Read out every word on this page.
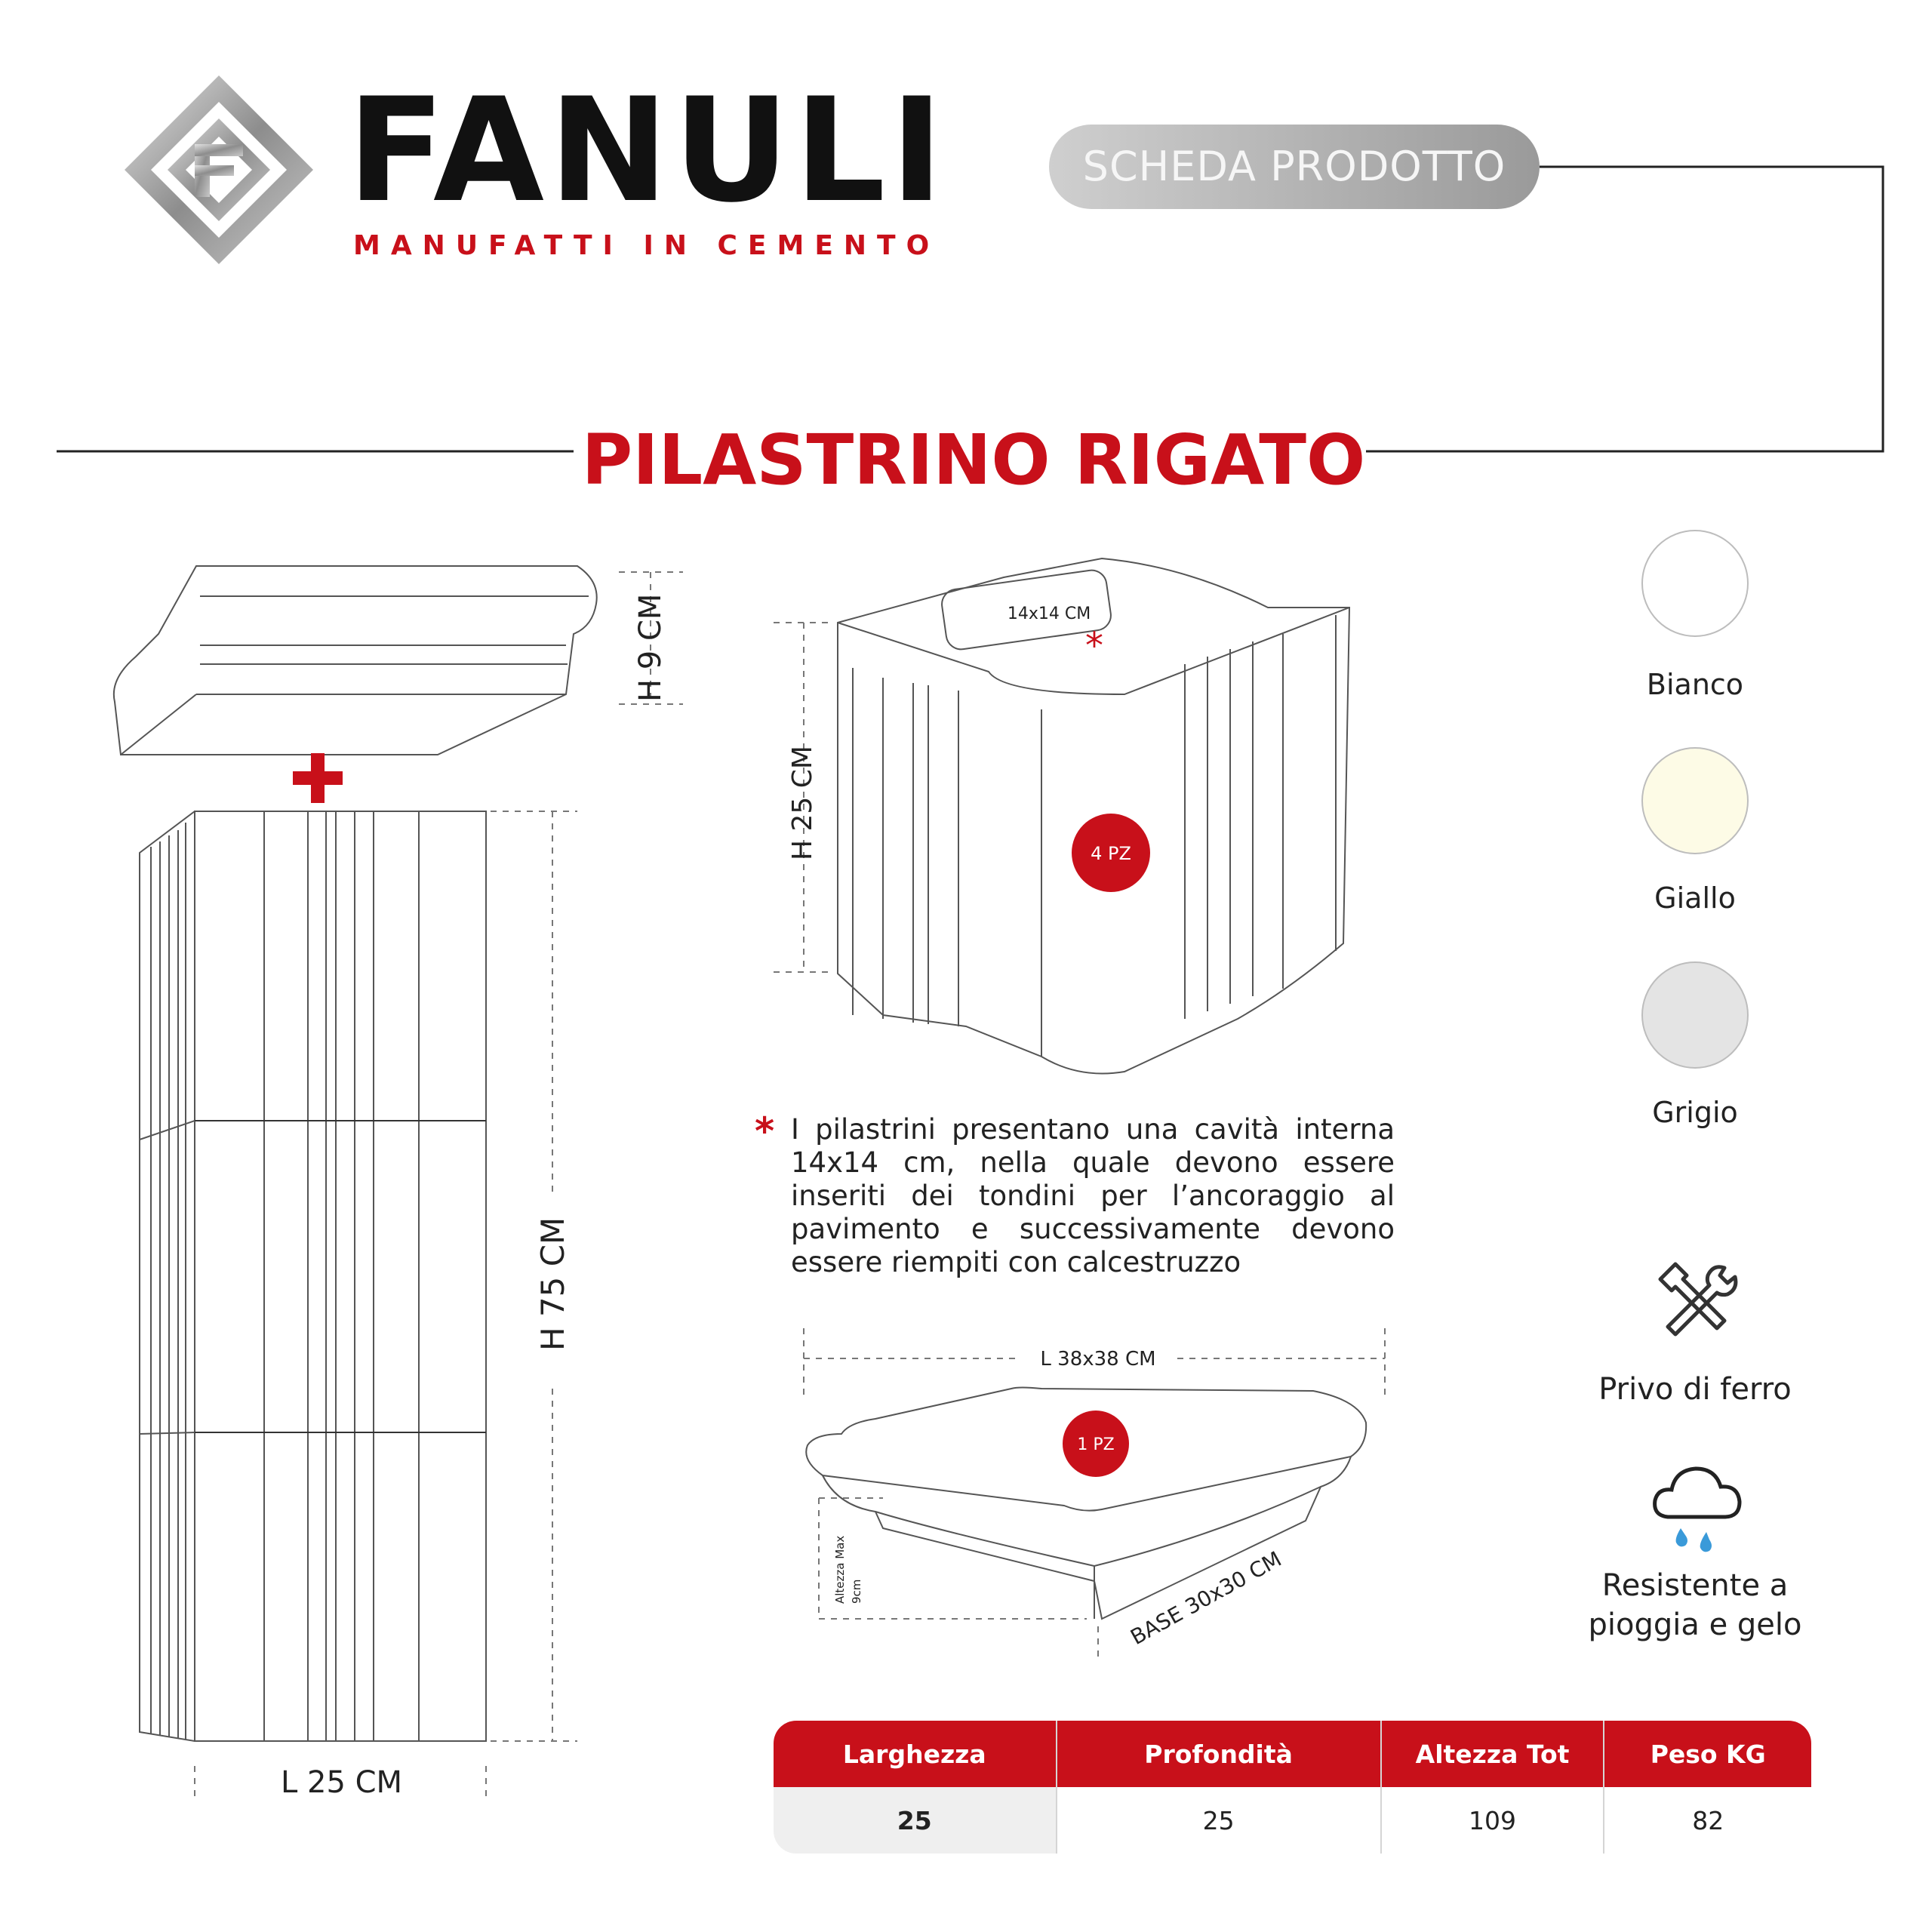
FANULI
MANUFATTI IN CEMENTO
SCHEDA PRODOTTO
PILASTRINO RIGATO
H 9 CM
H 75 CM
L 25 CM
14x14 CM
*
H 25 CM	4 PZ
* I pilastrini presentano una cavità interna 14x14 cm, nella quale devono essere inseriti dei tondini per l’ancoraggio al pavimento e successivamente devono essere riempiti con calcestruzzo
L 38x38 CM
1 PZ
Altezza Max 9cm	BASE 30x30 CM
Bianco
Giallo
Grigio
Privo di ferro
Resistente a
pioggia e gelo
Larghezza	Profondità	Altezza Tot	Peso KG
25	25	109	82
